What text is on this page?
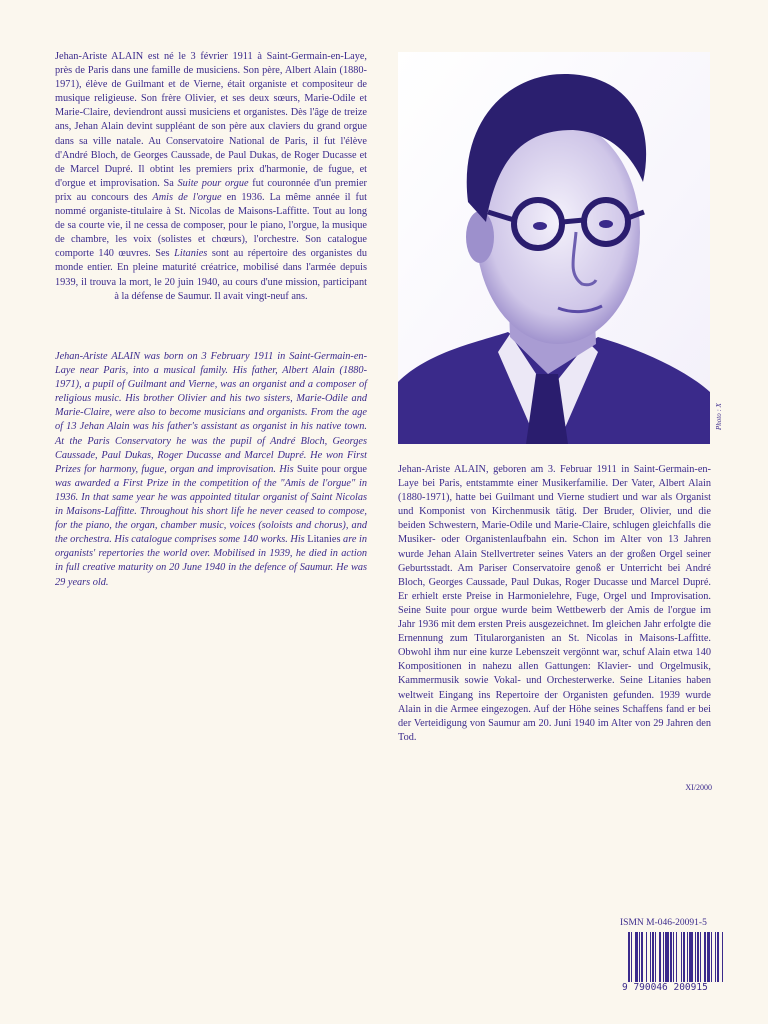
Jehan-Ariste ALAIN est né le 3 février 1911 à Saint-Germain-en-Laye, près de Paris dans une famille de musiciens. Son père, Albert Alain (1880-1971), élève de Guilmant et de Vierne, était organiste et compositeur de musique religieuse. Son frère Olivier, et ses deux sœurs, Marie-Odile et Marie-Claire, deviendront aussi musiciens et organistes. Dès l'âge de treize ans, Jehan Alain devint suppléant de son père aux claviers du grand orgue dans sa ville natale. Au Conservatoire National de Paris, il fut l'élève d'André Bloch, de Georges Caussade, de Paul Dukas, de Roger Ducasse et de Marcel Dupré. Il obtint les premiers prix d'harmonie, de fugue, et d'orgue et improvisation. Sa Suite pour orgue fut couronnée d'un premier prix au concours des Amis de l'orgue en 1936. La même année il fut nommé organiste-titulaire à St. Nicolas de Maisons-Laffitte. Tout au long de sa courte vie, il ne cessa de composer, pour le piano, l'orgue, la musique de chambre, les voix (solistes et chœurs), l'orchestre. Son catalogue comporte 140 œuvres. Ses Litanies sont au répertoire des organistes du monde entier. En pleine maturité créatrice, mobilisé dans l'armée depuis 1939, il trouva la mort, le 20 juin 1940, au cours d'une mission, participant à la défense de Saumur. Il avait vingt-neuf ans.

Jehan-Ariste ALAIN was born on 3 February 1911 in Saint-Germain-en-Laye near Paris, into a musical family. His father, Albert Alain (1880-1971), a pupil of Guilmant and Vierne, was an organist and a composer of religious music. His brother Olivier and his two sisters, Marie-Odile and Marie-Claire, were also to become musicians and organists. From the age of 13 Jehan Alain was his father's assistant as organist in his native town. At the Paris Conservatory he was the pupil of André Bloch, Georges Caussade, Paul Dukas, Roger Ducasse and Marcel Dupré. He won First Prizes for harmony, fugue, organ and improvisation. His Suite pour orgue was awarded a First Prize in the competition of the "Amis de l'orgue" in 1936. In that same year he was appointed titular organist of Saint Nicolas in Maisons-Laffitte. Throughout his short life he never ceased to compose, for the piano, the organ, chamber music, voices (soloists and chorus), and the orchestra. His catalogue comprises some 140 works. His Litanies are in organists' repertories the world over. Mobilised in 1939, he died in action in full creative maturity on 20 June 1940 in the defence of Saumur. He was 29 years old.

Photo : X

Jehan-Ariste ALAIN, geboren am 3. Februar 1911 in Saint-Germain-en-Laye bei Paris, entstammte einer Musikerfamilie. Der Vater, Albert Alain (1880-1971), hatte bei Guilmant und Vierne studiert und war als Organist und Komponist von Kirchenmusik tätig. Der Bruder, Olivier, und die beiden Schwestern, Marie-Odile und Marie-Claire, schlugen gleichfalls die Musiker- oder Organistenlaufbahn ein. Schon im Alter von 13 Jahren wurde Jehan Alain Stellvertreter seines Vaters an der großen Orgel seiner Geburtsstadt. Am Pariser Conservatoire genoß er Unterricht bei André Bloch, Georges Caussade, Paul Dukas, Roger Ducasse und Marcel Dupré. Er erhielt erste Preise in Harmonielehre, Fuge, Orgel und Improvisation. Seine Suite pour orgue wurde beim Wettbewerb der Amis de l'orgue im Jahr 1936 mit dem ersten Preis ausgezeichnet. Im gleichen Jahr erfolgte die Ernennung zum Titularorganisten an St. Nicolas in Maisons-Laffitte. Obwohl ihm nur eine kurze Lebenszeit vergönnt war, schuf Alain etwa 140 Kompositionen in nahezu allen Gattungen: Klavier- und Orgelmusik, Kammermusik sowie Vokal- und Orchesterwerke. Seine Litanies haben weltweit Eingang ins Repertoire der Organisten gefunden. 1939 wurde Alain in die Armee eingezogen. Auf der Höhe seines Schaffens fand er bei der Verteidigung von Saumur am 20. Juni 1940 im Alter von 29 Jahren den Tod.

XI/2000
ISMN M-046-20091-5
9 790046 200915
